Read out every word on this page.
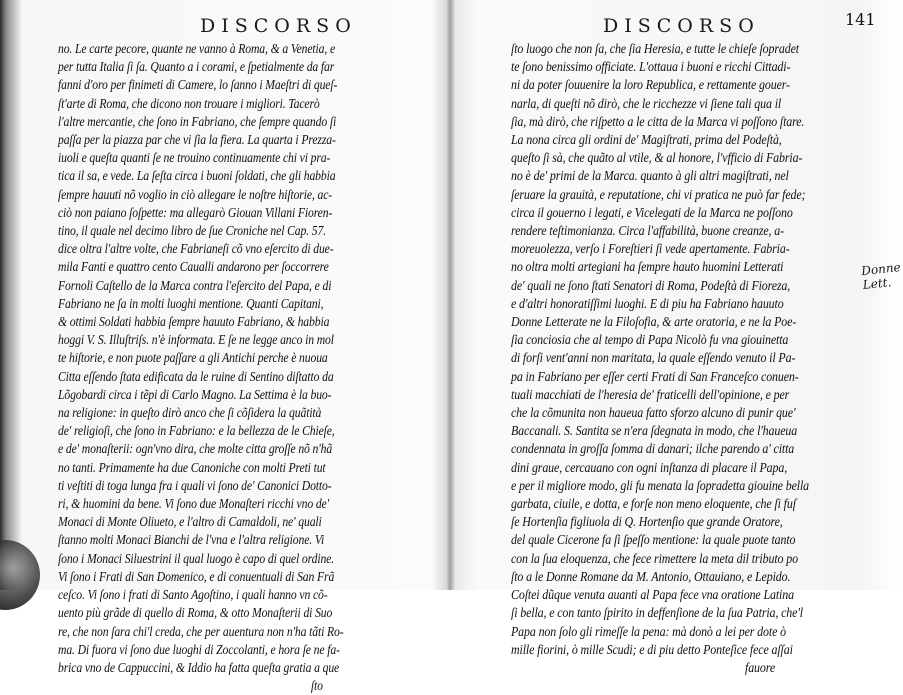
DISCORSO
no. Le carte pecore, quante ne vanno à Roma, & a Venetia, e
per tutta Italia ſi ſa. Quanto a i corami, e ſpetialmente da far
fanni d'oro per finimeti di Camere, lo ſanno i Maeſtri di queſ-
ſt'arte di Roma, che dicono non trouare i migliori. Tacerò
l'altre mercantie, che ſono in Fabriano, che ſempre quando ſi
paſſa per la piazza par che vi ſia la fiera. La quarta i Prezza-
iuoli e queſta quanti ſe ne trouino continuamente chi vi pra-
tica il sa, e vede. La ſeſta circa i buoni ſoldati, che gli habbia
ſempre hauuti nõ voglio in ciò allegare le noſtre hiſtorie, ac-
ciò non paiano ſoſpette: ma allegarò Giouan Villani Fioren-
tino, il quale nel decimo libro de ſue Croniche nel Cap. 57.
dice oltra l'altre volte, che Fabrianeſi cõ vno eſercito di due-
mila Fanti e quattro cento Caualli andarono per ſoccorrere
Fornoli Caſtello de la Marca contra l'eſercito del Papa, e di
Fabriano ne ſa in molti luoghi mentione. Quanti Capitani,
& ottimi Soldati habbia ſempre hauuto Fabriano, & habbia
hoggi V. S. Illuſtriſs. n'è informata. E ſe ne legge anco in mol
te hiſtorie, e non puote paſſare a gli Antichi perche è nuoua
Citta eſſendo ſtata edificata da le ruine di Sentino diſtatto da
Lõgobardi circa i tẽpi di Carlo Magno. La Settima è la buo-
na religione: in queſto dirò anco che ſi cõſidera la quãtità
de' religioſi, che ſono in Fabriano: e la bellezza de le Chieſe,
e de' monaſterii: ogn'vno dira, che molte citta groſſe nõ n'hã
no tanti. Primamente ha due Canoniche con molti Preti tut
ti veſtiti di toga lunga fra i quali vi ſono de' Canonici Dotto-
ri, & huomini da bene. Vi ſono due Monaſteri ricchi vno de'
Monaci di Monte Oliueto, e l'altro di Camaldoli, ne' quali
ſtanno molti Monaci Bianchi de l'vna e l'altra religione. Vi
ſono i Monaci Siluestrini il qual luogo è capo di quel ordine.
Vi ſono i Frati di San Domenico, e di conuentuali di San Frã
ceſco. Vi ſono i frati di Santo Agoſtino, i quali hanno vn cõ-
uento più grãde di quello di Roma, & otto Monaſterii di Suo
re, che non ſara chi'l creda, che per auentura non n'ha tãti Ro-
ma. Di fuora vi ſono due luoghi di Zoccolanti, e hora ſe ne fa-
brica vno de Cappuccini, & Iddio ha fatta queſta gratia a que
ſto
DISCORSO	141
ſto luogo che non ſa, che ſia Heresia, e tutte le chieſe ſopradet
te ſono benissimo officiate. L'ottaua i buoni e ricchi Cittadi-
ni da poter ſouuenire la loro Republica, e rettamente gouer-
narla, di queſti nõ dirò, che le ricchezze vi ſiene tali qua il
ſia, mà dirò, che riſpetto a le citta de la Marca vi poſſono ſtare.
La nona circa gli ordini de' Magiſtrati, prima del Podeſtà,
queſto ſi sà, che quãto al vtile, & al honore, l'vfficio di Fabria-
no è de' primi de la Marca. quanto à gli altri magiſtrati, nel
ſeruare la grauità, e reputatione, chi vi pratica ne può far fede;
circa il gouerno i legati, e Vicelegati de la Marca ne poſſono
rendere teſtimonianza. Circa l'affabilità, buone creanze, a-
moreuolezza, verſo i Foreſtieri ſi vede apertamente. Fabria-
no oltra molti artegiani ha ſempre hauto huomini Letterati
de' quali ne ſono ſtati Senatori di Roma, Podeſtà di Fioreza,
e d'altri honoratiſſimi luoghi. E di piu ha Fabriano hauuto
Donne Letterate ne la Filoſofia, & arte oratoria, e ne la Poe-
ſia conciosia che al tempo di Papa Nicolò fu vna giouinetta
di forſi vent'anni non maritata, la quale eſſendo venuto il Pa-
pa in Fabriano per eſſer certi Frati di San Franceſco conuen-
tuali macchiati de l'heresia de' fraticelli dell'opinione, e per
che la cõmunita non haueua fatto sforzo alcuno di punir que'
Baccanali. S. Santita se n'era ſdegnata in modo, che l'haueua
condennata in groſſa ſomma di danari; ilche parendo a' citta
dini graue, cercauano con ogni inſtanza di placare il Papa,
e per il migliore modo, gli fu menata la ſopradetta giouine bella
garbata, ciuile, e dotta, e forſe non meno eloquente, che ſi fuſ
ſe Hortenſia figliuola di Q. Hortenſio que grande Oratore,
del quale Cicerone fa ſi ſpeſſo mentione: la quale puote tanto
con la ſua eloquenza, che fece rimettere la meta dil tributo po
ſto a le Donne Romane da M. Antonio, Ottauiano, e Lepido.
Coſtei dũque venuta auanti al Papa fece vna oratione Latina
ſi bella, e con tanto ſpirito in deffenſione de la ſua Patria, che'l
Papa non ſolo gli rimeſſe la pena: mà donò a lei per dote ò
mille fiorini, ò mille Scudi; e di piu detto Ponteſice fece aſſai
fauore
Donne
Lett.
